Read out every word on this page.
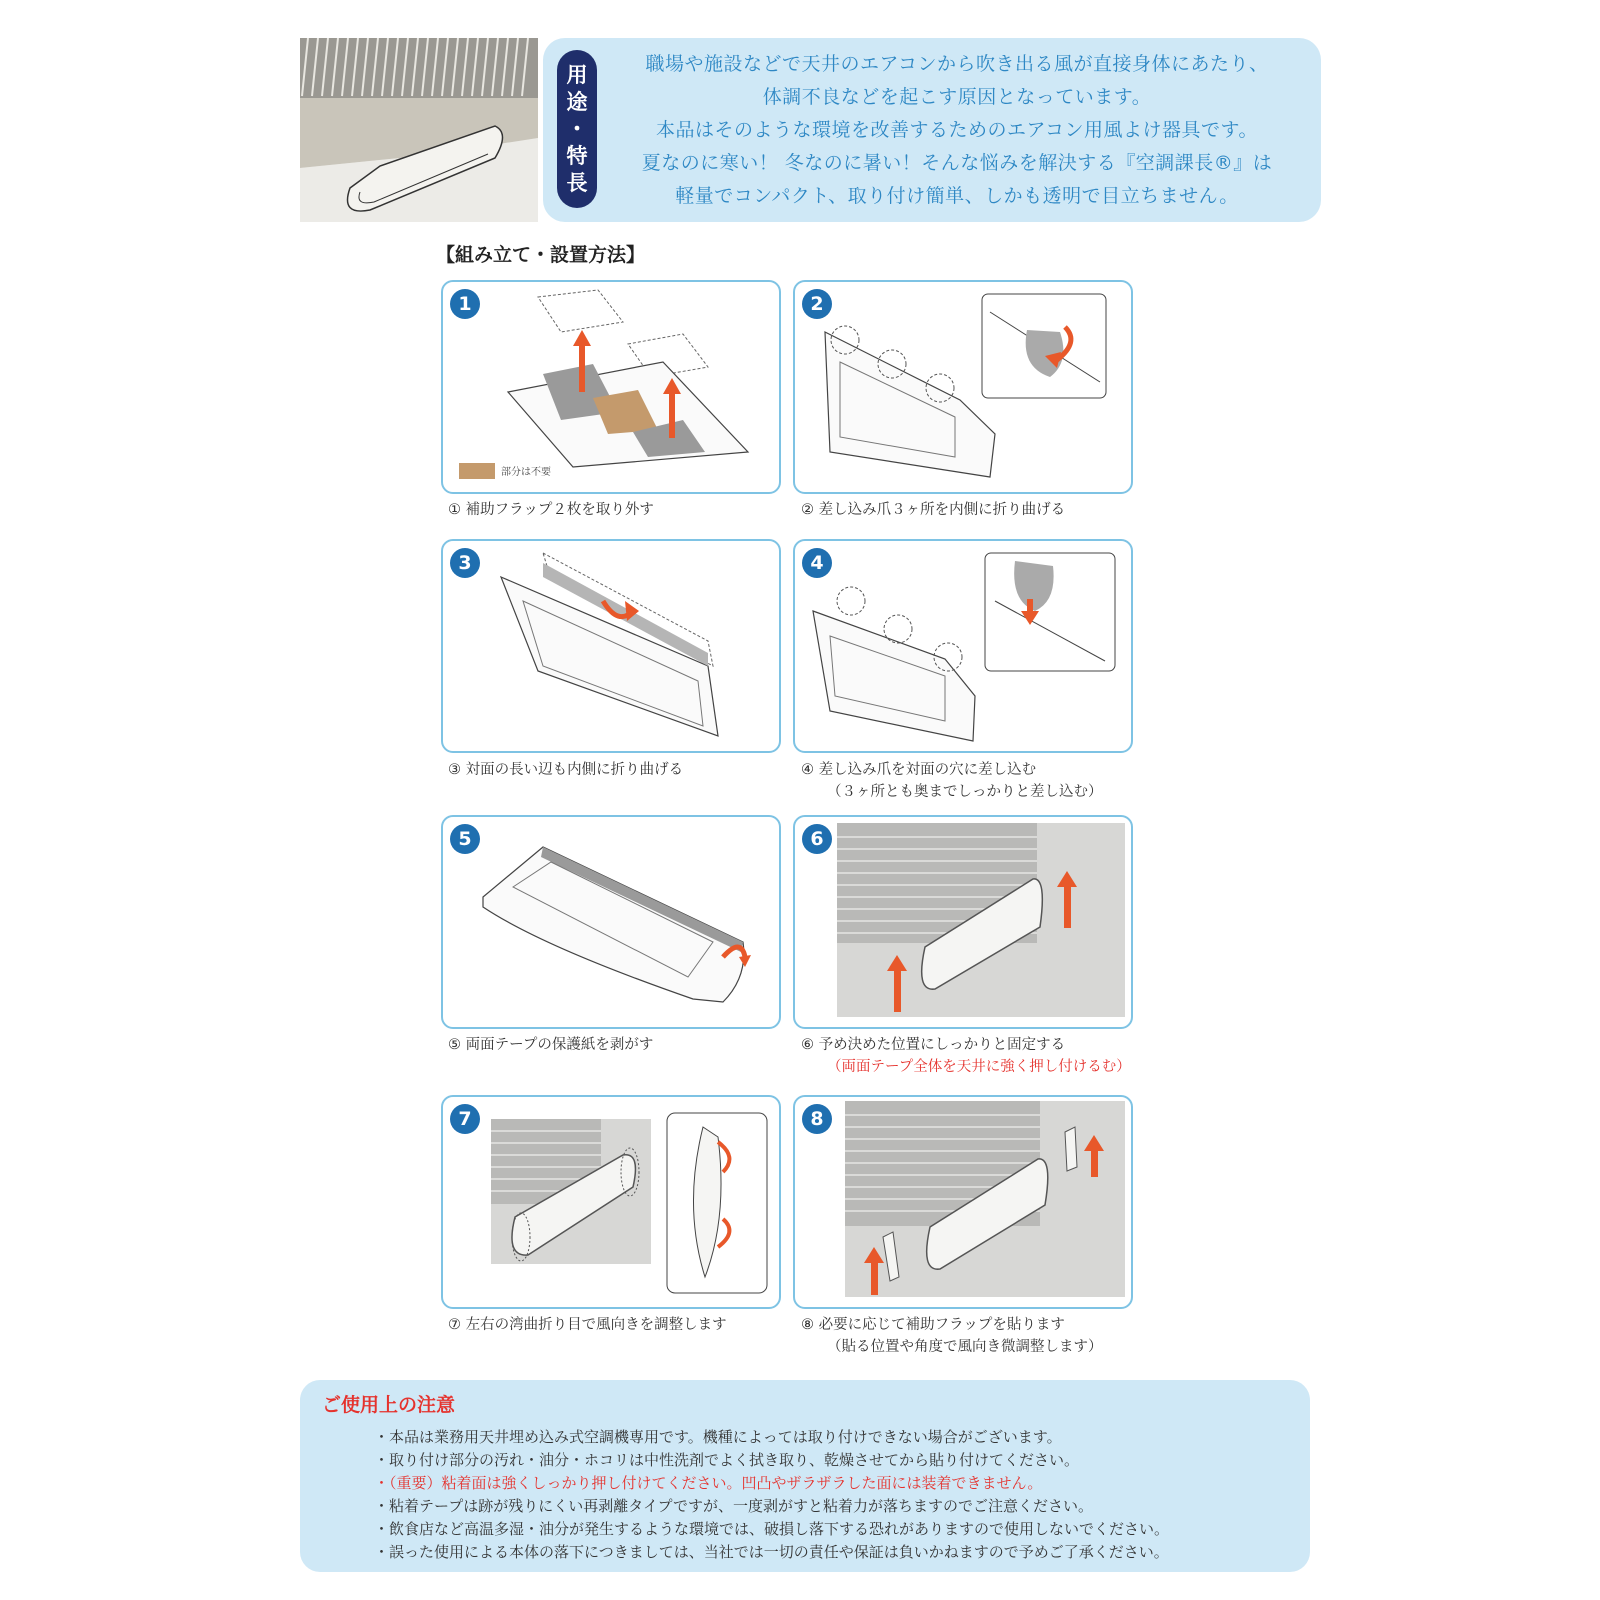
用
途
・
特
長
職場や施設などで天井のエアコンから吹き出る風が直接身体にあたり、
体調不良などを起こす原因となっています。
本品はそのような環境を改善するためのエアコン用風よけ器具です。
夏なのに寒い！ 冬なのに暑い！そんな悩みを解決する『空調課長®』は
軽量でコンパクト、取り付け簡単、しかも透明で目立ちません。
【組み立て・設置方法】
1
部分は不要
① 補助フラップ２枚を取り外す
2
② 差し込み爪３ヶ所を内側に折り曲げる
3
③ 対面の長い辺も内側に折り曲げる
4
④ 差し込み爪を対面の穴に差し込む
（３ヶ所とも奥までしっかりと差し込む）
5
⑤ 両面テープの保護紙を剥がす
6
⑥ 予め決めた位置にしっかりと固定する
（両面テープ全体を天井に強く押し付けるむ）
7
⑦ 左右の湾曲折り目で風向きを調整します
8
⑧ 必要に応じて補助フラップを貼ります
（貼る位置や角度で風向き微調整します）
ご使用上の注意
・本品は業務用天井埋め込み式空調機専用です。機種によっては取り付けできない場合がございます。
・取り付け部分の汚れ・油分・ホコリは中性洗剤でよく拭き取り、乾燥させてから貼り付けてください。
・（重要）粘着面は強くしっかり押し付けてください。凹凸やザラザラした面には装着できません。
・粘着テープは跡が残りにくい再剥離タイプですが、一度剥がすと粘着力が落ちますのでご注意ください。
・飲食店など高温多湿・油分が発生するような環境では、破損し落下する恐れがありますので使用しないでください。
・誤った使用による本体の落下につきましては、当社では一切の責任や保証は負いかねますので予めご了承ください。
